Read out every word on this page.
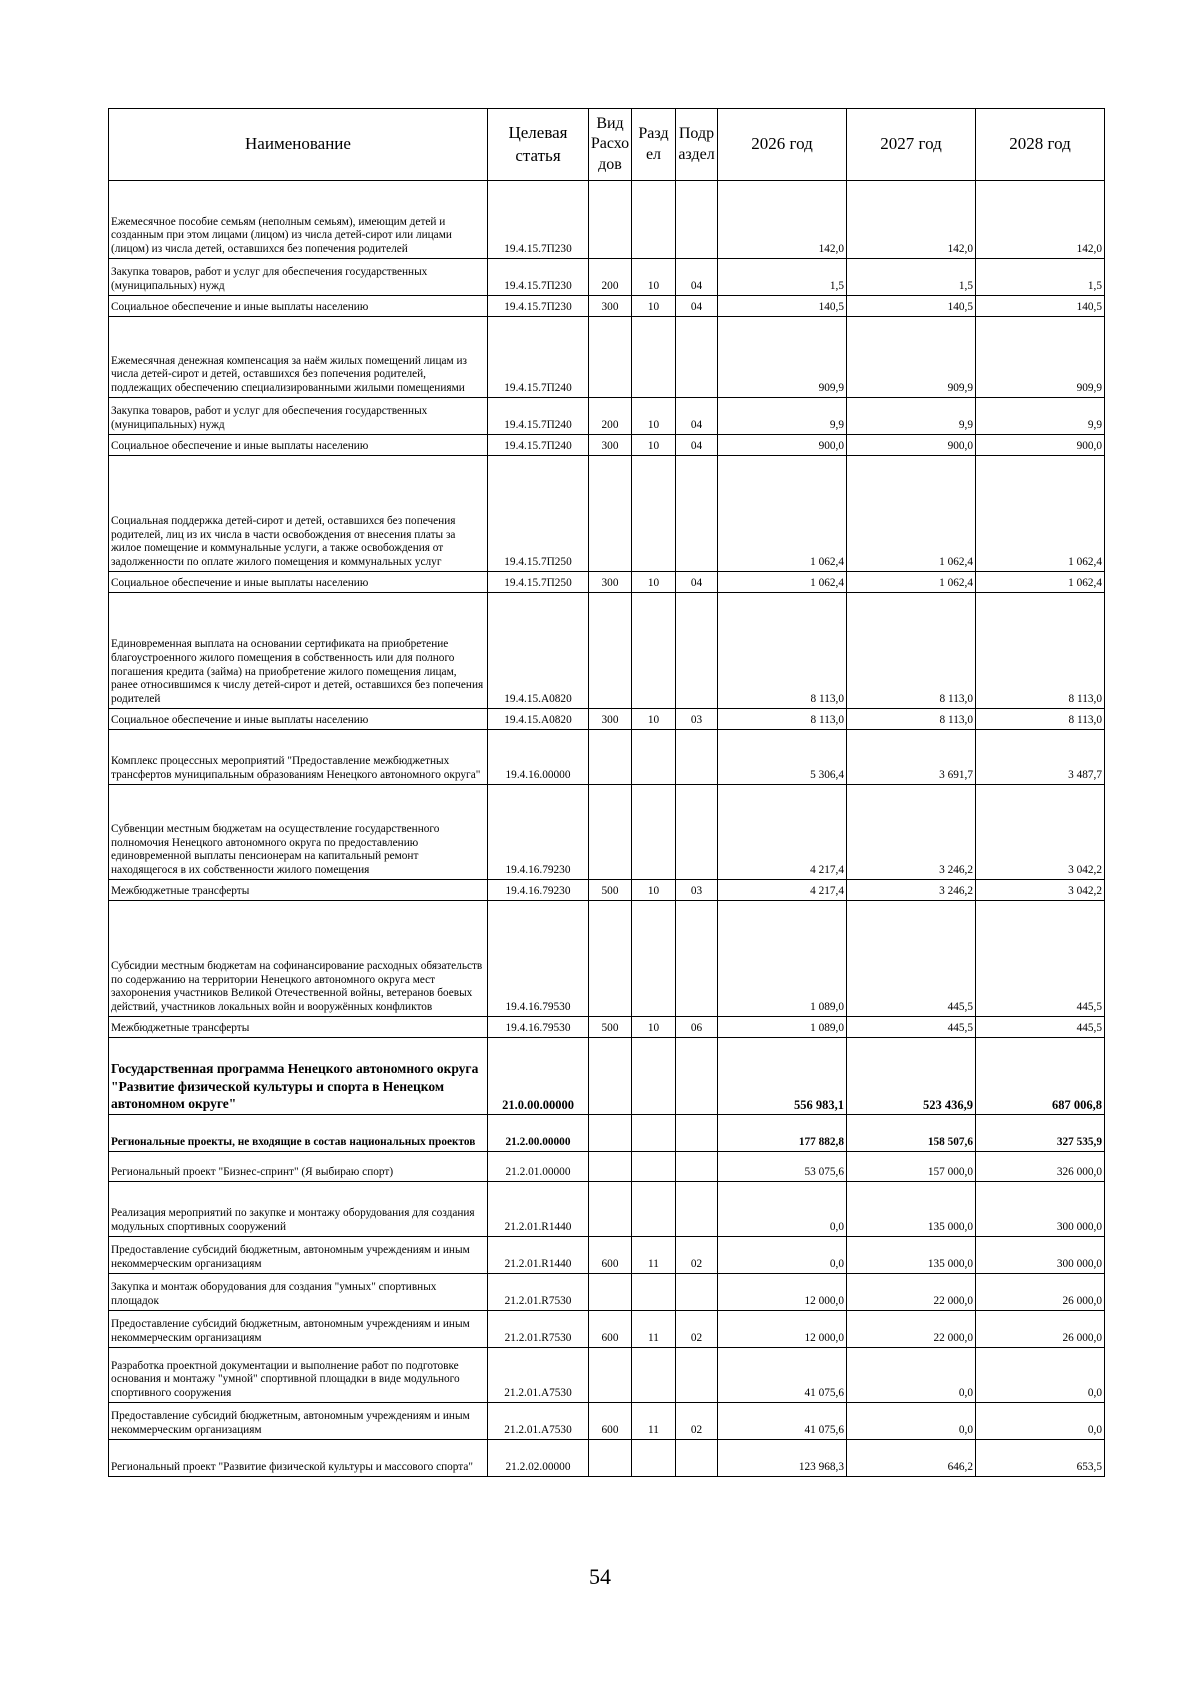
Наименование	Целевая статья	Вид Расхо дов	Разд ел	Подр аздел	2026 год	2027 год	2028 год
Ежемесячное пособие семьям (неполным семьям), имеющим детей и созданным при этом лицами (лицом) из числа детей-сирот или лицами (лицом) из числа детей, оставшихся без попечения родителей	19.4.15.7П230				142,0	142,0	142,0
Закупка товаров, работ и услуг для обеспечения государственных (муниципальных) нужд	19.4.15.7П230	200	10	04	1,5	1,5	1,5
Социальное обеспечение и иные выплаты населению	19.4.15.7П230	300	10	04	140,5	140,5	140,5
Ежемесячная денежная компенсация за наём жилых помещений лицам из числа детей-сирот и детей, оставшихся без попечения родителей, подлежащих обеспечению специализированными жилыми помещениями	19.4.15.7П240				909,9	909,9	909,9
Закупка товаров, работ и услуг для обеспечения государственных (муниципальных) нужд	19.4.15.7П240	200	10	04	9,9	9,9	9,9
Социальное обеспечение и иные выплаты населению	19.4.15.7П240	300	10	04	900,0	900,0	900,0
Социальная поддержка детей-сирот и детей, оставшихся без попечения родителей, лиц из их числа в части освобождения от внесения платы за жилое помещение и коммунальные услуги, а также освобождения от задолженности по оплате жилого помещения и коммунальных услуг	19.4.15.7П250				1 062,4	1 062,4	1 062,4
Социальное обеспечение и иные выплаты населению	19.4.15.7П250	300	10	04	1 062,4	1 062,4	1 062,4
Единовременная выплата на основании сертификата на приобретение благоустроенного жилого помещения в собственность или для полного погашения кредита (займа) на приобретение жилого помещения лицам, ранее относившимся к числу детей-сирот и детей, оставшихся без попечения родителей	19.4.15.А0820				8 113,0	8 113,0	8 113,0
Социальное обеспечение и иные выплаты населению	19.4.15.А0820	300	10	03	8 113,0	8 113,0	8 113,0
Комплекс процессных мероприятий "Предоставление межбюджетных трансфертов муниципальным образованиям Ненецкого автономного округа"	19.4.16.00000				5 306,4	3 691,7	3 487,7
Субвенции местным бюджетам на осуществление государственного полномочия Ненецкого автономного округа по предоставлению единовременной выплаты пенсионерам на капитальный ремонт находящегося в их собственности жилого помещения	19.4.16.79230				4 217,4	3 246,2	3 042,2
Межбюджетные трансферты	19.4.16.79230	500	10	03	4 217,4	3 246,2	3 042,2
Субсидии местным бюджетам на софинансирование расходных обязательств по содержанию на территории Ненецкого автономного округа мест захоронения участников Великой Отечественной войны, ветеранов боевых действий, участников локальных войн и вооружённых конфликтов	19.4.16.79530				1 089,0	445,5	445,5
Межбюджетные трансферты	19.4.16.79530	500	10	06	1 089,0	445,5	445,5
Государственная программа Ненецкого автономного округа "Развитие физической культуры и спорта в Ненецком автономном округе"	21.0.00.00000				556 983,1	523 436,9	687 006,8
Региональные проекты, не входящие в состав национальных проектов	21.2.00.00000				177 882,8	158 507,6	327 535,9
Региональный проект "Бизнес-спринт" (Я выбираю спорт)	21.2.01.00000				53 075,6	157 000,0	326 000,0
Реализация мероприятий по закупке и монтажу оборудования для создания модульных спортивных сооружений	21.2.01.R1440				0,0	135 000,0	300 000,0
Предоставление субсидий бюджетным, автономным учреждениям и иным некоммерческим организациям	21.2.01.R1440	600	11	02	0,0	135 000,0	300 000,0
Закупка и монтаж оборудования для создания "умных" спортивных площадок	21.2.01.R7530				12 000,0	22 000,0	26 000,0
Предоставление субсидий бюджетным, автономным учреждениям и иным некоммерческим организациям	21.2.01.R7530	600	11	02	12 000,0	22 000,0	26 000,0
Разработка проектной документации и выполнение работ по подготовке основания и монтажу "умной" спортивной площадки в виде модульного спортивного сооружения	21.2.01.А7530				41 075,6	0,0	0,0
Предоставление субсидий бюджетным, автономным учреждениям и иным некоммерческим организациям	21.2.01.А7530	600	11	02	41 075,6	0,0	0,0
Региональный проект "Развитие физической культуры и массового спорта"	21.2.02.00000				123 968,3	646,2	653,5
54
